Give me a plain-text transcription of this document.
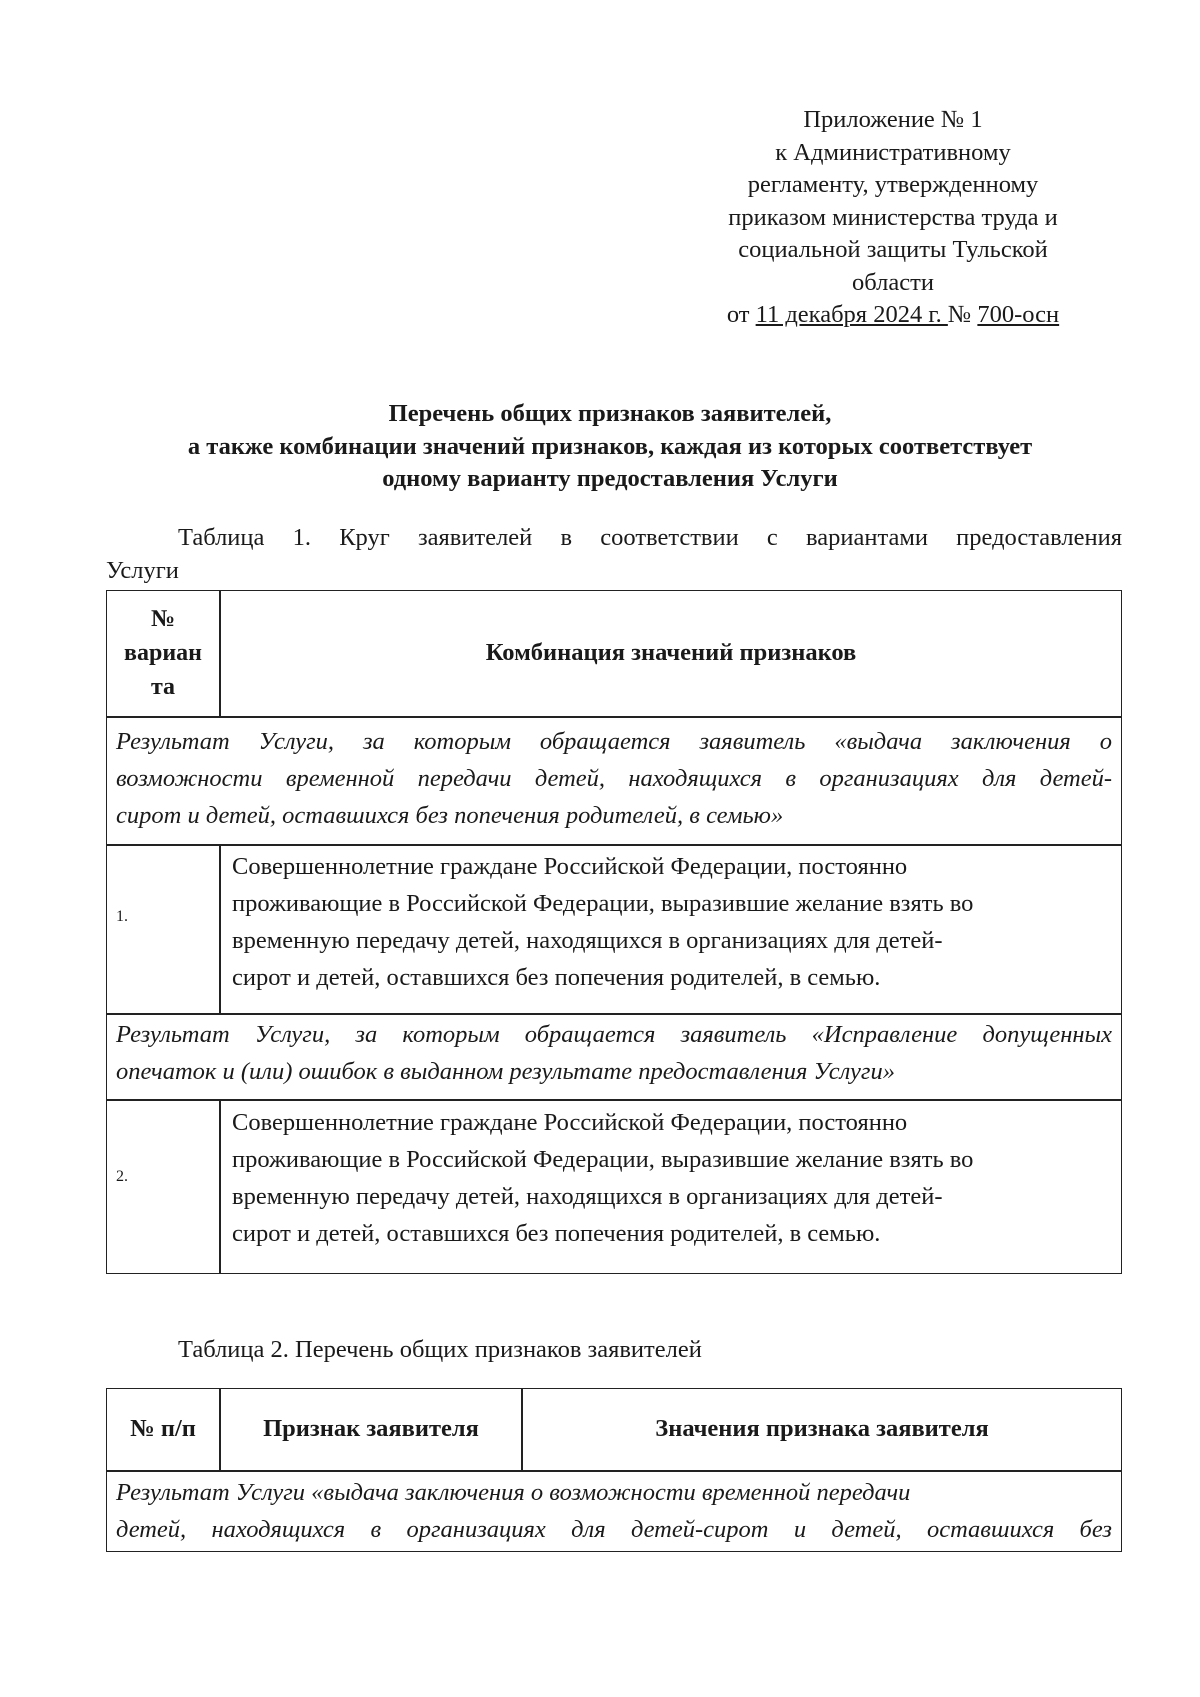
Приложение № 1
к Административному
регламенту, утвержденному
приказом министерства труда и
социальной защиты Тульской
области
от 11 декабря 2024 г. № 700-осн
Перечень общих признаков заявителей,
а также комбинации значений признаков, каждая из которых соответствует
одному варианту предоставления Услуги
Таблица 1. Круг заявителей в соответствии с вариантами предоставления
Услуги
№
вариан
та
Комбинация значений признаков
Результат Услуги, за которым обращается заявитель «выдача заключения о
возможности временной передачи детей, находящихся в организациях для детей-
сирот и детей, оставшихся без попечения родителей, в семью»
1.
Совершеннолетние граждане Российской Федерации, постоянно
проживающие в Российской Федерации, выразившие желание взять во
временную передачу детей, находящихся в организациях для детей-
сирот и детей, оставшихся без попечения родителей, в семью.
Результат Услуги, за которым обращается заявитель «Исправление допущенных
опечаток и (или) ошибок в выданном результате предоставления Услуги»
2.
Совершеннолетние граждане Российской Федерации, постоянно
проживающие в Российской Федерации, выразившие желание взять во
временную передачу детей, находящихся в организациях для детей-
сирот и детей, оставшихся без попечения родителей, в семью.
Таблица 2. Перечень общих признаков заявителей
№ п/п	Признак заявителя	Значения признака заявителя
Результат Услуги «выдача заключения о возможности временной передачи
детей, находящихся в организациях для детей-сирот и детей, оставшихся без
